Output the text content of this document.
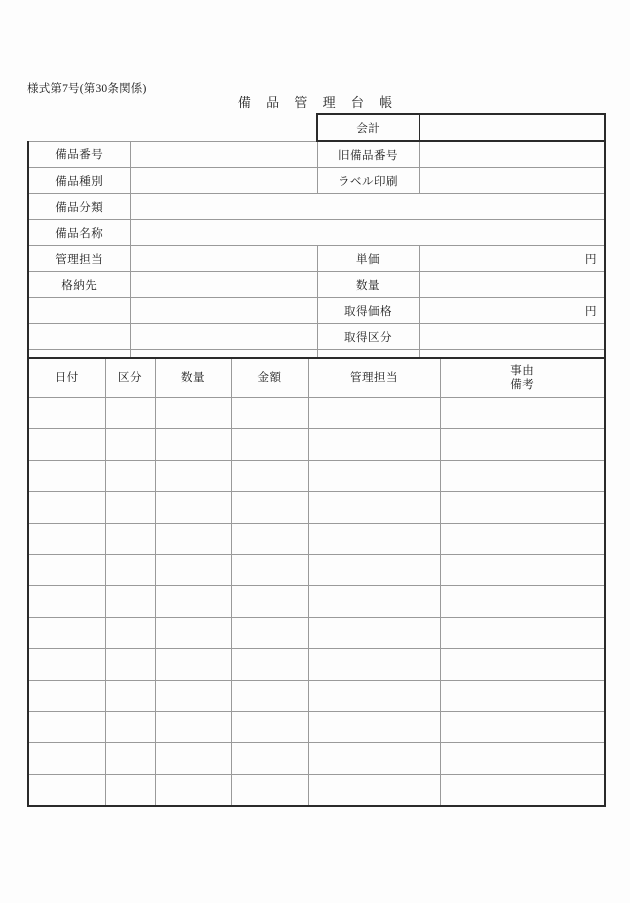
様式第7号(第30条関係)
備 品 管 理 台 帳
		会計	
備品番号		旧備品番号	
備品種別		ラベル印刷	
備品分類			
備品名称			
管理担当		単価	円
格納先		数量	
		取得価格	円
		取得区分	

日付	区分	数量	金額	管理担当	事由
備考
